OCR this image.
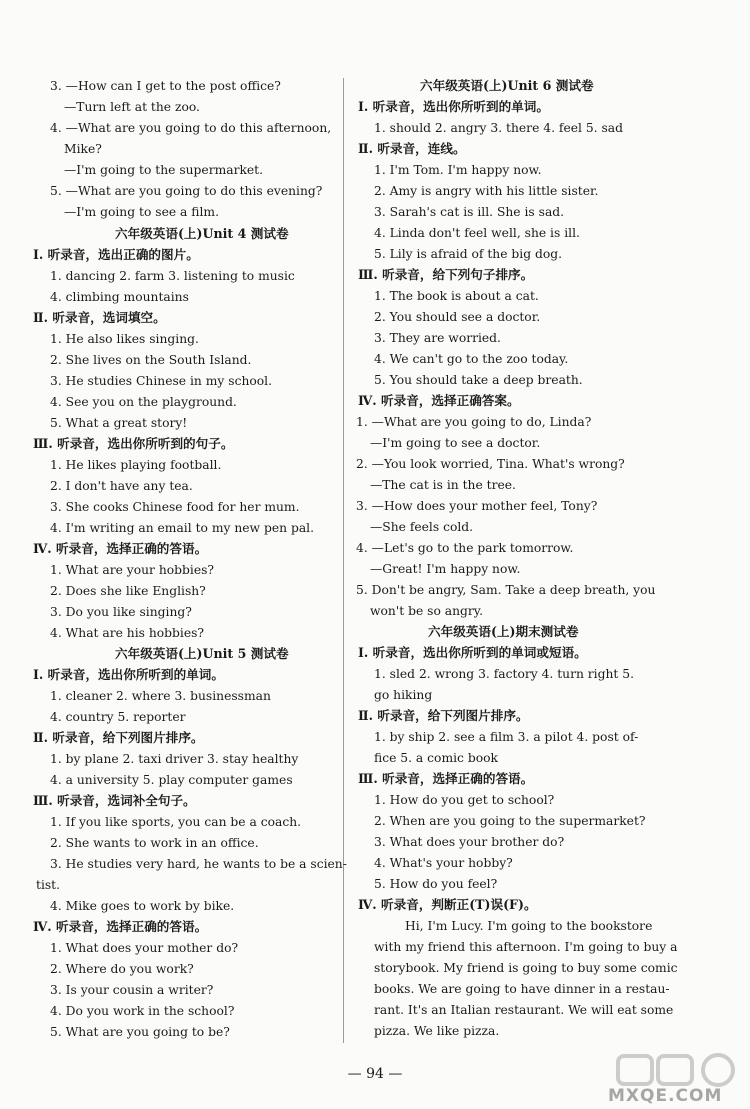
3. —How can I get to the post office?
—Turn left at the zoo.
4. —What are you going to do this afternoon,
Mike?
—I'm going to the supermarket.
5. —What are you going to do this evening?
—I'm going to see a film.
六年级英语(上)Unit 4 测试卷
Ⅰ. 听录音，选出正确的图片。
1. dancing 2. farm 3. listening to music
4. climbing mountains
Ⅱ. 听录音，选词填空。
1. He also likes singing.
2. She lives on the South Island.
3. He studies Chinese in my school.
4. See you on the playground.
5. What a great story!
Ⅲ. 听录音，选出你所听到的句子。
1. He likes playing football.
2. I don't have any tea.
3. She cooks Chinese food for her mum.
4. I'm writing an email to my new pen pal.
Ⅳ. 听录音，选择正确的答语。
1. What are your hobbies?
2. Does she like English?
3. Do you like singing?
4. What are his hobbies?
六年级英语(上)Unit 5 测试卷
Ⅰ. 听录音，选出你所听到的单词。
1. cleaner 2. where 3. businessman
4. country 5. reporter
Ⅱ. 听录音，给下列图片排序。
1. by plane 2. taxi driver 3. stay healthy
4. a university 5. play computer games
Ⅲ. 听录音，选词补全句子。
1. If you like sports, you can be a coach.
2. She wants to work in an office.
3. He studies very hard, he wants to be a scien-
tist.
4. Mike goes to work by bike.
Ⅳ. 听录音，选择正确的答语。
1. What does your mother do?
2. Where do you work?
3. Is your cousin a writer?
4. Do you work in the school?
5. What are you going to be?
六年级英语(上)Unit 6 测试卷
Ⅰ. 听录音，选出你所听到的单词。
1. should 2. angry 3. there 4. feel 5. sad
Ⅱ. 听录音，连线。
1. I'm Tom. I'm happy now.
2. Amy is angry with his little sister.
3. Sarah's cat is ill. She is sad.
4. Linda don't feel well, she is ill.
5. Lily is afraid of the big dog.
Ⅲ. 听录音，给下列句子排序。
1. The book is about a cat.
2. You should see a doctor.
3. They are worried.
4. We can't go to the zoo today.
5. You should take a deep breath.
Ⅳ. 听录音，选择正确答案。
1. —What are you going to do, Linda?
—I'm going to see a doctor.
2. —You look worried, Tina. What's wrong?
—The cat is in the tree.
3. —How does your mother feel, Tony?
—She feels cold.
4. —Let's go to the park tomorrow.
—Great! I'm happy now.
5. Don't be angry, Sam. Take a deep breath, you
won't be so angry.
六年级英语(上)期末测试卷
Ⅰ. 听录音，选出你所听到的单词或短语。
1. sled 2. wrong 3. factory 4. turn right 5.
go hiking
Ⅱ. 听录音，给下列图片排序。
1. by ship 2. see a film 3. a pilot 4. post of-
fice 5. a comic book
Ⅲ. 听录音，选择正确的答语。
1. How do you get to school?
2. When are you going to the supermarket?
3. What does your brother do?
4. What's your hobby?
5. How do you feel?
Ⅳ. 听录音，判断正(T)误(F)。
Hi, I'm Lucy. I'm going to the bookstore
with my friend this afternoon. I'm going to buy a
storybook. My friend is going to buy some comic
books. We are going to have dinner in a restau-
rant. It's an Italian restaurant. We will eat some
pizza. We like pizza.
— 94 —
MXQE.COM
